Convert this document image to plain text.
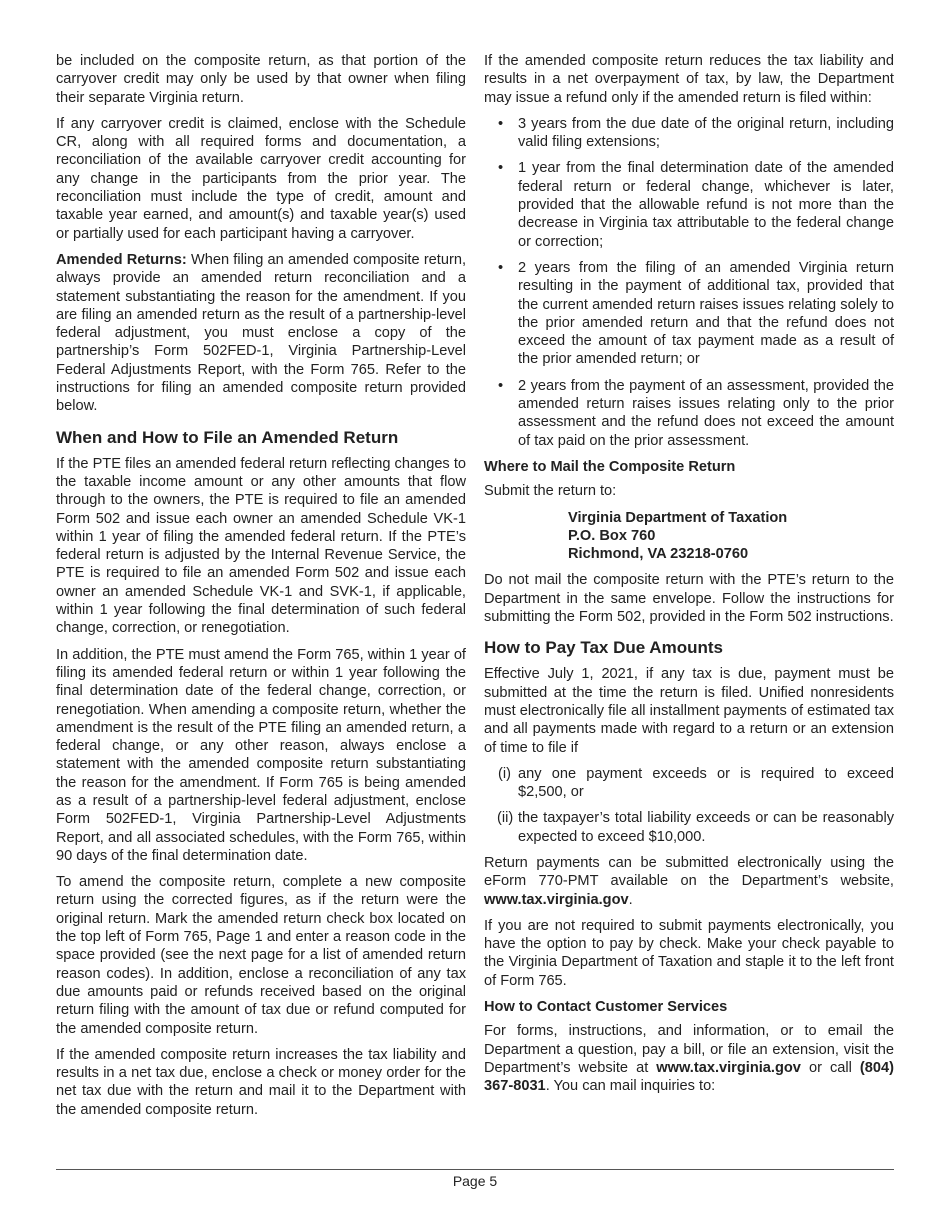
be included on the composite return, as that portion of the carryover credit may only be used by that owner when filing their separate Virginia return.

If any carryover credit is claimed, enclose with the Schedule CR, along with all required forms and documentation, a reconciliation of the available carryover credit accounting for any change in the participants from the prior year. The reconciliation must include the type of credit, amount and taxable year earned, and amount(s) and taxable year(s) used or partially used for each participant having a carryover.

Amended Returns: When filing an amended composite return, always provide an amended return reconciliation and a statement substantiating the reason for the amendment. If you are filing an amended return as the result of a partnership-level federal adjustment, you must enclose a copy of the partnership’s Form 502FED-1, Virginia Partnership-Level Federal Adjustments Report, with the Form 765. Refer to the instructions for filing an amended composite return provided below.

When and How to File an Amended Return

If the PTE files an amended federal return reflecting changes to the taxable income amount or any other amounts that flow through to the owners, the PTE is required to file an amended Form 502 and issue each owner an amended Schedule VK-1 within 1 year of filing the amended federal return. If the PTE’s federal return is adjusted by the Internal Revenue Service, the PTE is required to file an amended Form 502 and issue each owner an amended Schedule VK-1 and SVK-1, if applicable, within 1 year following the final determination of such federal change, correction, or renegotiation.

In addition, the PTE must amend the Form 765, within 1 year of filing its amended federal return or within 1 year following the final determination date of the federal change, correction, or renegotiation. When amending a composite return, whether the amendment is the result of the PTE filing an amended return, a federal change, or any other reason, always enclose a statement with the amended composite return substantiating the reason for the amendment. If Form 765 is being amended as a result of a partnership-level federal adjustment, enclose Form 502FED-1, Virginia Partnership-Level Adjustments Report, and all associated schedules, with the Form 765, within 90 days of the final determination date.

To amend the composite return, complete a new composite return using the corrected figures, as if the return were the original return. Mark the amended return check box located on the top left of Form 765, Page 1 and enter a reason code in the space provided (see the next page for a list of amended return reason codes). In addition, enclose a reconciliation of any tax due amounts paid or refunds received based on the original return filing with the amount of tax due or refund computed for the amended composite return.

If the amended composite return increases the tax liability and results in a net tax due, enclose a check or money order for the net tax due with the return and mail it to the Department with the amended composite return.

If the amended composite return reduces the tax liability and results in a net overpayment of tax, by law, the Department may issue a refund only if the amended return is filed within:

• 3 years from the due date of the original return, including valid filing extensions;
• 1 year from the final determination date of the amended federal return or federal change, whichever is later, provided that the allowable refund is not more than the decrease in Virginia tax attributable to the federal change or correction;
• 2 years from the filing of an amended Virginia return resulting in the payment of additional tax, provided that the current amended return raises issues relating solely to the prior amended return and that the refund does not exceed the amount of tax payment made as a result of the prior amended return; or
• 2 years from the payment of an assessment, provided the amended return raises issues relating only to the prior assessment and the refund does not exceed the amount of tax paid on the prior assessment.
Where to Mail the Composite Return

Submit the return to:

Virginia Department of Taxation
P.O. Box 760
Richmond, VA 23218-0760

Do not mail the composite return with the PTE’s return to the Department in the same envelope. Follow the instructions for submitting the Form 502, provided in the Form 502 instructions.

How to Pay Tax Due Amounts

Effective July 1, 2021, if any tax is due, payment must be submitted at the time the return is filed. Unified nonresidents must electronically file all installment payments of estimated tax and all payments made with regard to a return or an extension of time to file if

(i) any one payment exceeds or is required to exceed $2,500, or
(ii) the taxpayer’s total liability exceeds or can be reasonably expected to exceed $10,000.

Return payments can be submitted electronically using the eForm 770-PMT available on the Department’s website, www.tax.virginia.gov.

If you are not required to submit payments electronically, you have the option to pay by check. Make your check payable to the Virginia Department of Taxation and staple it to the left front of Form 765.

How to Contact Customer Services

For forms, instructions, and information, or to email the Department a question, pay a bill, or file an extension, visit the Department’s website at www.tax.virginia.gov or call (804) 367-8031. You can mail inquiries to:

Page 5
